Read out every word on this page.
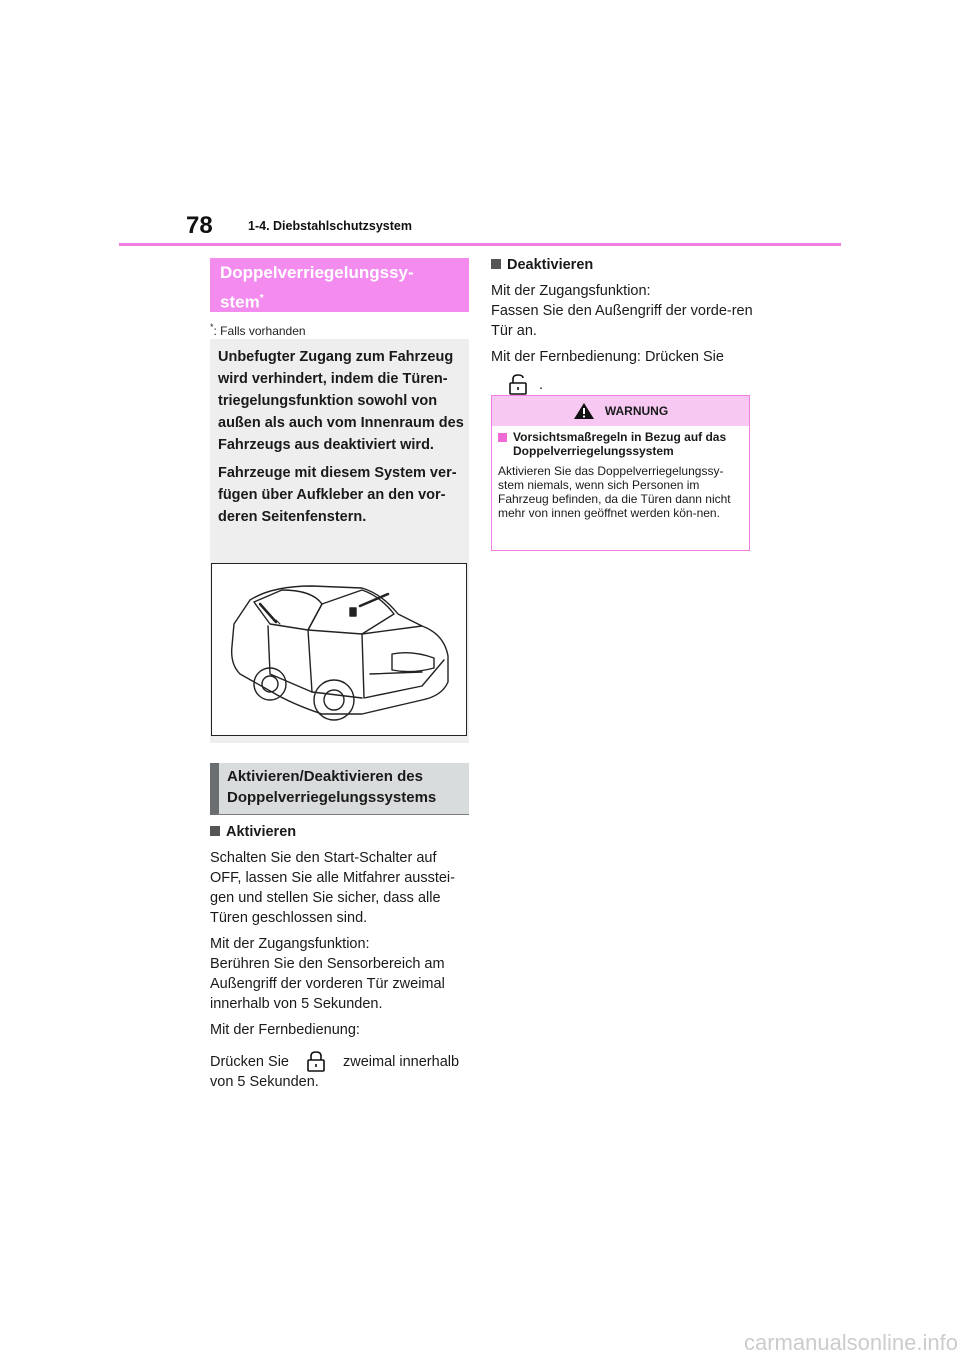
78	1-4. Diebstahlschutzsystem
Doppelverriegelungssy-
stem*
*: Falls vorhanden

Unbefugter Zugang zum Fahrzeug wird verhindert, indem die Türen-triegelungsfunktion sowohl von außen als auch vom Innenraum des Fahrzeugs aus deaktiviert wird.

Fahrzeuge mit diesem System ver-fügen über Aufkleber an den vor-deren Seitenfenstern.

Aktivieren/Deaktivieren des Doppelverriegelungssystems
Aktivieren

Schalten Sie den Start-Schalter auf OFF, lassen Sie alle Mitfahrer ausstei-gen und stellen Sie sicher, dass alle Türen geschlossen sind.

Mit der Zugangsfunktion:
Berühren Sie den Sensorbereich am Außengriff der vorderen Tür zweimal innerhalb von 5 Sekunden.

Mit der Fernbedienung:

Drücken Sie	zweimal innerhalb von 5 Sekunden.

Deaktivieren

Mit der Zugangsfunktion:
Fassen Sie den Außengriff der vorde-ren Tür an.

Mit der Fernbedienung: Drücken Sie

.
WARNUNG
Vorsichtsmaßregeln in Bezug auf das Doppelverriegelungssystem
Aktivieren Sie das Doppelverriegelungssy-stem niemals, wenn sich Personen im Fahrzeug befinden, da die Türen dann nicht mehr von innen geöffnet werden kön-nen.
carmanualsonline.info
